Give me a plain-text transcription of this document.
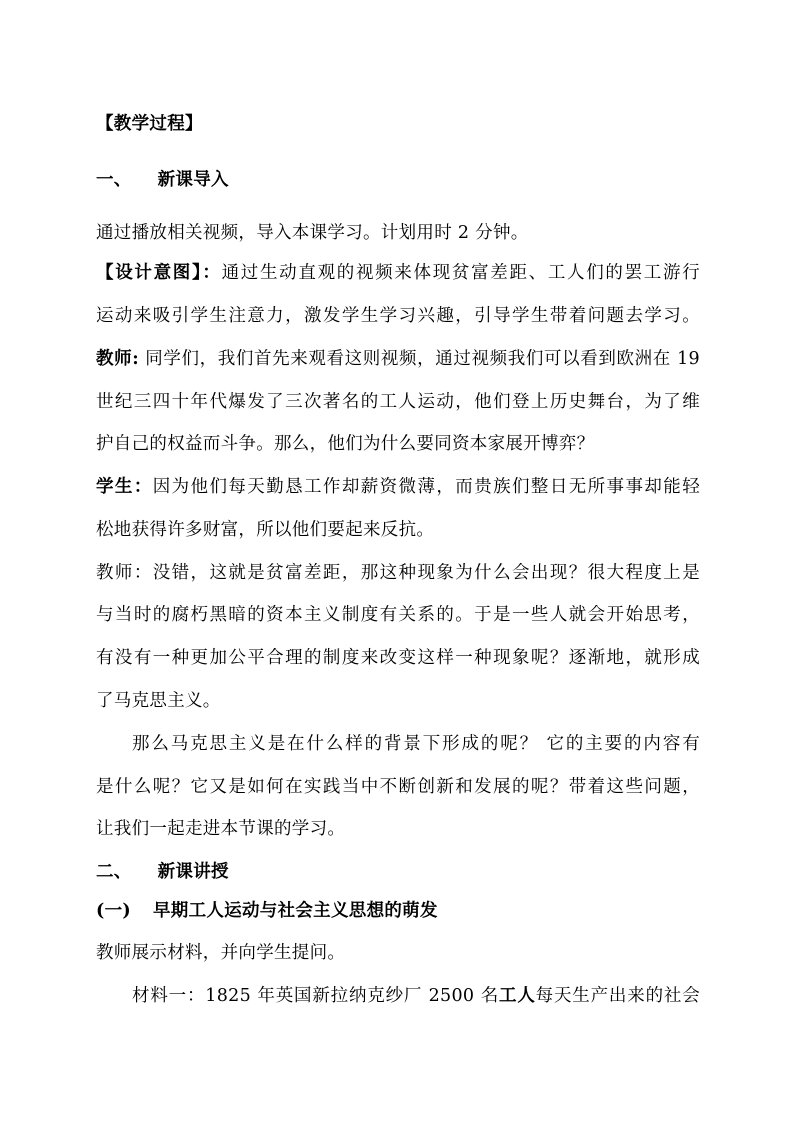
【教学过程】
一、 新课导入
通过播放相关视频，导入本课学习。计划用时 2 分钟。
【设计意图】：通过生动直观的视频来体现贫富差距、工人们的罢工游行
运动来吸引学生注意力，激发学生学习兴趣，引导学生带着问题去学习。
教师: 同学们，我们首先来观看这则视频，通过视频我们可以看到欧洲在 19
世纪三四十年代爆发了三次著名的工人运动，他们登上历史舞台，为了维
护自己的权益而斗争。那么，他们为什么要同资本家展开博弈？
学生：因为他们每天勤恳工作却薪资微薄，而贵族们整日无所事事却能轻
松地获得许多财富，所以他们要起来反抗。
教师：没错，这就是贫富差距，那这种现象为什么会出现？很大程度上是
与当时的腐朽黑暗的资本主义制度有关系的。于是一些人就会开始思考，
有没有一种更加公平合理的制度来改变这样一种现象呢？逐渐地，就形成
了马克思主义。
那么马克思主义是在什么样的背景下形成的呢？ 它的主要的内容有
是什么呢？它又是如何在实践当中不断创新和发展的呢？带着这些问题，
让我们一起走进本节课的学习。
二、 新课讲授
(一) 早期工人运动与社会主义思想的萌发
教师展示材料，并向学生提问。
材料一：1825 年英国新拉纳克纱厂 2500 名工人每天生产出来的社会
